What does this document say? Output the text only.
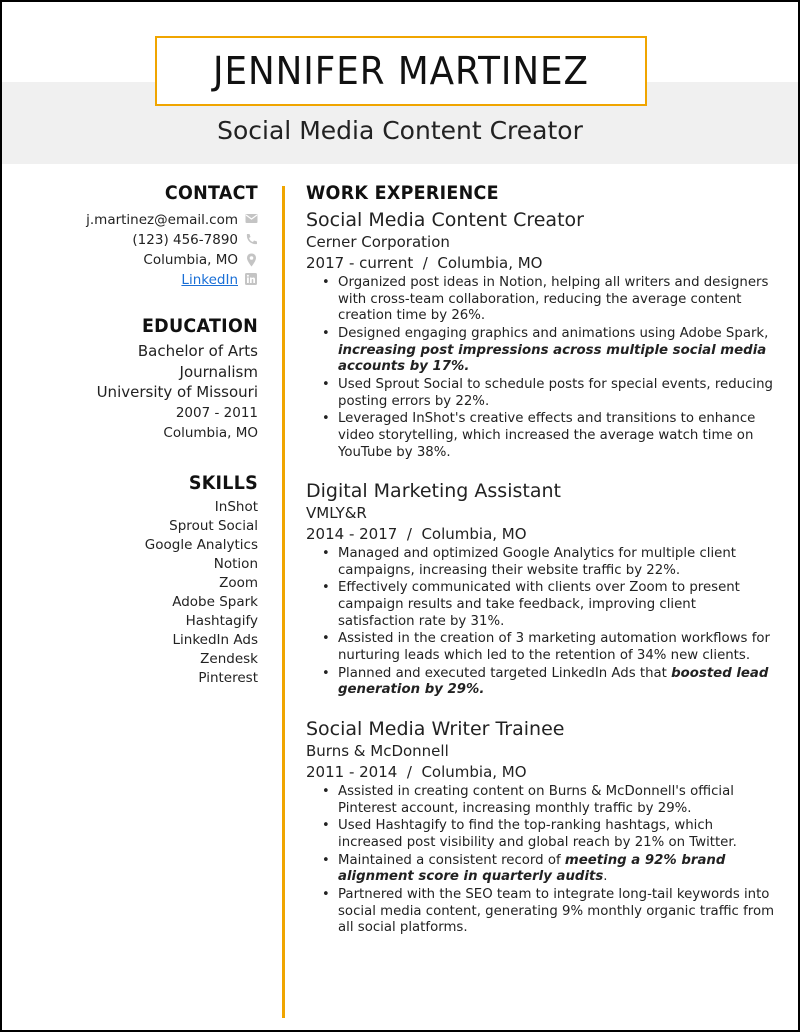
JENNIFER MARTINEZ
Social Media Content Creator
CONTACT
j.martinez@email.com
(123) 456-7890
Columbia, MO
LinkedIn
EDUCATION
Bachelor of Arts
Journalism
University of Missouri
2007 - 2011
Columbia, MO
SKILLS
InShot
Sprout Social
Google Analytics
Notion
Zoom
Adobe Spark
Hashtagify
LinkedIn Ads
Zendesk
Pinterest
WORK EXPERIENCE
Social Media Content Creator
Cerner Corporation
2017 - current / Columbia, MO
• Organized post ideas in Notion, helping all writers and designers with cross-team collaboration, reducing the average content creation time by 26%.
• Designed engaging graphics and animations using Adobe Spark, increasing post impressions across multiple social media accounts by 17%.
• Used Sprout Social to schedule posts for special events, reducing posting errors by 22%.
• Leveraged InShot's creative effects and transitions to enhance video storytelling, which increased the average watch time on YouTube by 38%.
Digital Marketing Assistant
VMLY&R
2014 - 2017 / Columbia, MO
• Managed and optimized Google Analytics for multiple client campaigns, increasing their website traffic by 22%.
• Effectively communicated with clients over Zoom to present campaign results and take feedback, improving client satisfaction rate by 31%.
• Assisted in the creation of 3 marketing automation workflows for nurturing leads which led to the retention of 34% new clients.
• Planned and executed targeted LinkedIn Ads that boosted lead generation by 29%.
Social Media Writer Trainee
Burns & McDonnell
2011 - 2014 / Columbia, MO
• Assisted in creating content on Burns & McDonnell's official Pinterest account, increasing monthly traffic by 29%.
• Used Hashtagify to find the top-ranking hashtags, which increased post visibility and global reach by 21% on Twitter.
• Maintained a consistent record of meeting a 92% brand alignment score in quarterly audits.
• Partnered with the SEO team to integrate long-tail keywords into social media content, generating 9% monthly organic traffic from all social platforms.
